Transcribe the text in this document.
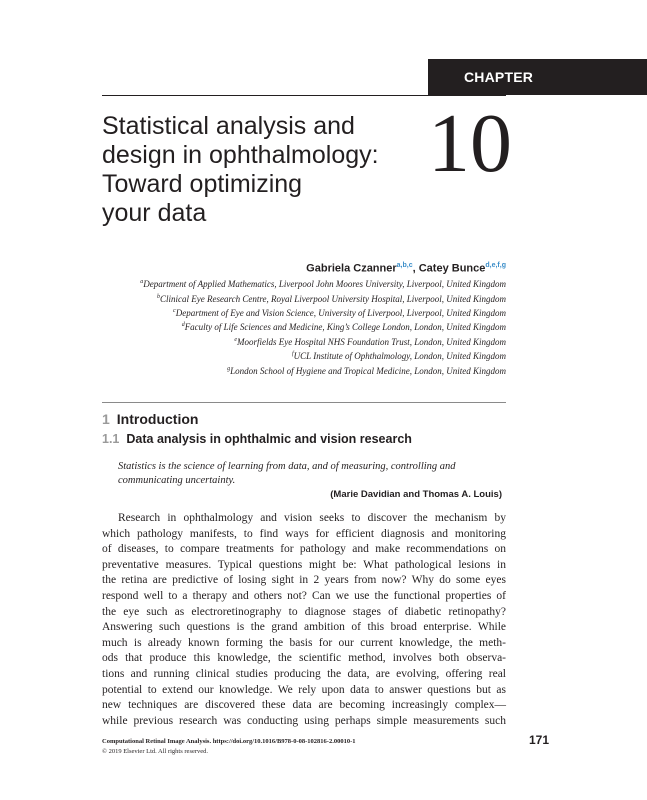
CHAPTER
Statistical analysis and
design in ophthalmology:
Toward optimizing
your data
10
Gabriela Czanner$^{a,b,c}$, Catey Bunce$^{d,e,f,g}$
$^a$Department of Applied Mathematics, Liverpool John Moores University, Liverpool, United Kingdom
$^b$Clinical Eye Research Centre, Royal Liverpool University Hospital, Liverpool, United Kingdom
$^c$Department of Eye and Vision Science, University of Liverpool, Liverpool, United Kingdom
$^d$Faculty of Life Sciences and Medicine, King’s College London, London, United Kingdom
$^e$Moorfields Eye Hospital NHS Foundation Trust, London, United Kingdom
$^f$UCL Institute of Ophthalmology, London, United Kingdom
$^g$London School of Hygiene and Tropical Medicine, London, United Kingdom
1 Introduction
1.1 Data analysis in ophthalmic and vision research
Statistics is the science of learning from data, and of measuring, controlling and communicating uncertainty.
(Marie Davidian and Thomas A. Louis)
Research in ophthalmology and vision seeks to discover the mechanism by
which pathology manifests, to find ways for efficient diagnosis and monitoring
of diseases, to compare treatments for pathology and make recommendations on
preventative measures. Typical questions might be: What pathological lesions in
the retina are predictive of losing sight in 2 years from now? Why do some eyes
respond well to a therapy and others not? Can we use the functional properties of
the eye such as electroretinography to diagnose stages of diabetic retinopathy?
Answering such questions is the grand ambition of this broad enterprise. While
much is already known forming the basis for our current knowledge, the meth-
ods that produce this knowledge, the scientific method, involves both observa-
tions and running clinical studies producing the data, are evolving, offering real
potential to extend our knowledge. We rely upon data to answer questions but as
new techniques are discovered these data are becoming increasingly complex—
while previous research was conducting using perhaps simple measurements such
Computational Retinal Image Analysis. https://doi.org/10.1016/B978-0-08-102816-2.00010-1
© 2019 Elsevier Ltd. All rights reserved.
171
